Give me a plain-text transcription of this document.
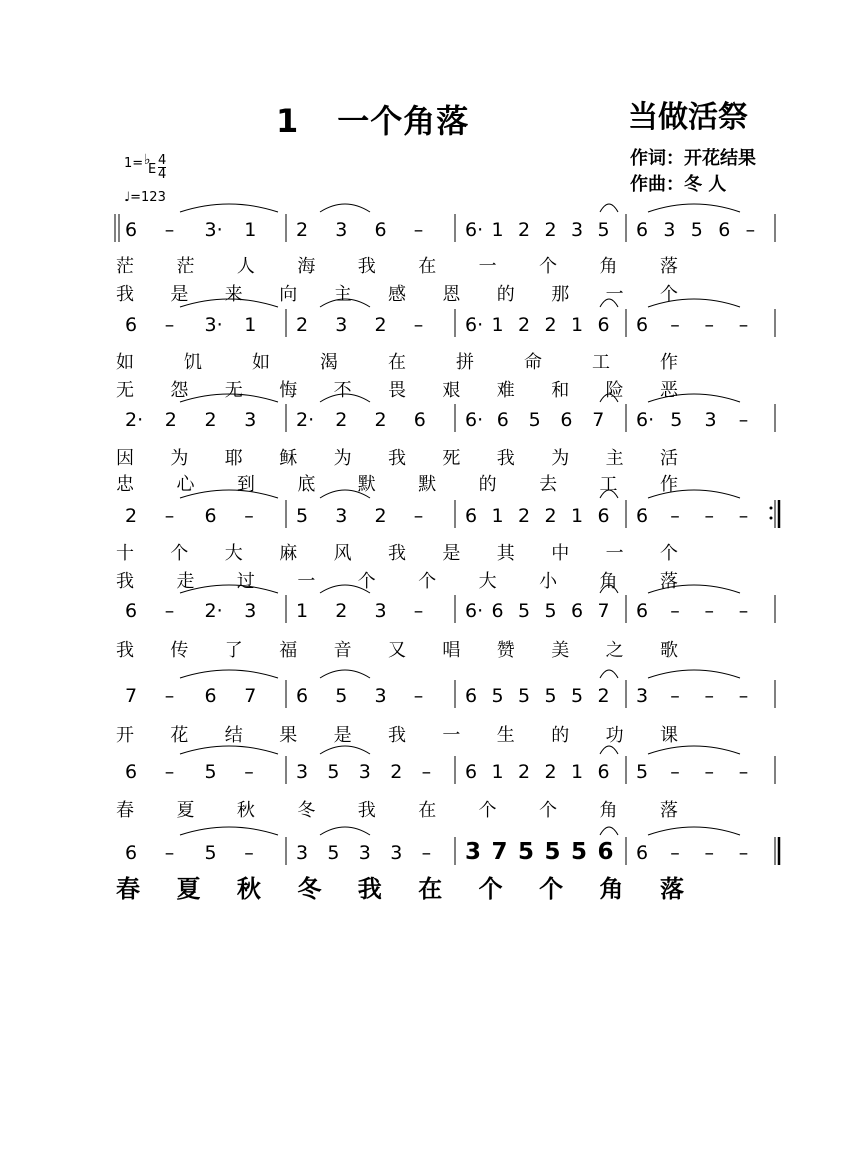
1 一个角落	当做活祭
作词：开花结果
作曲：冬 人
1= ♭
E
4
4
♩=123
6 – 3· 1 2 3 6 – 6· 1 2 2 3 5 6 3 5 6 –
茫 茫 人 海 我 在 一 个 角 落
我 是 来 向 主 感 恩 的 那 一 个
6 – 3· 1 2 3 2 – 6· 1 2 2 1 6 6 – – –
如	饥	如	渴	在	拼	命	工	作
无 怨 无 悔 不 畏 艰 难 和 险 恶
2· 2 2 3 2· 2 2 6 6· 6 5 6 7 6· 5 3 –
因 为 耶 稣 为 我 死 我 为 主 活
忠 心 到 底 默 默 的 去 工 作
2 – 6 – 5 3 2 – 6 1 2 2 1 6 6 – – –
十 个 大 麻 风 我 是 其 中 一 个
我 走 过 一 个 个 大 小 角 落
6 – 2· 3 1 2 3 – 6· 6 5 5 6 7 6 – – –
我 传 了 福 音 又 唱 赞 美 之 歌
7 – 6 7 6 5 3 – 6 5 5 5 5 2 3 – – –
开 花 结 果 是 我 一 生 的 功 课
6 – 5 – 3 5 3 2 – 6 1 2 2 1 6 5 – – –
春 夏 秋 冬 我 在 个 个 角 落
6 – 5 – 3 5 3 3 – 3 7 5 5 5 6 6 – – –
春 夏 秋 冬 我 在 个 个 角 落
